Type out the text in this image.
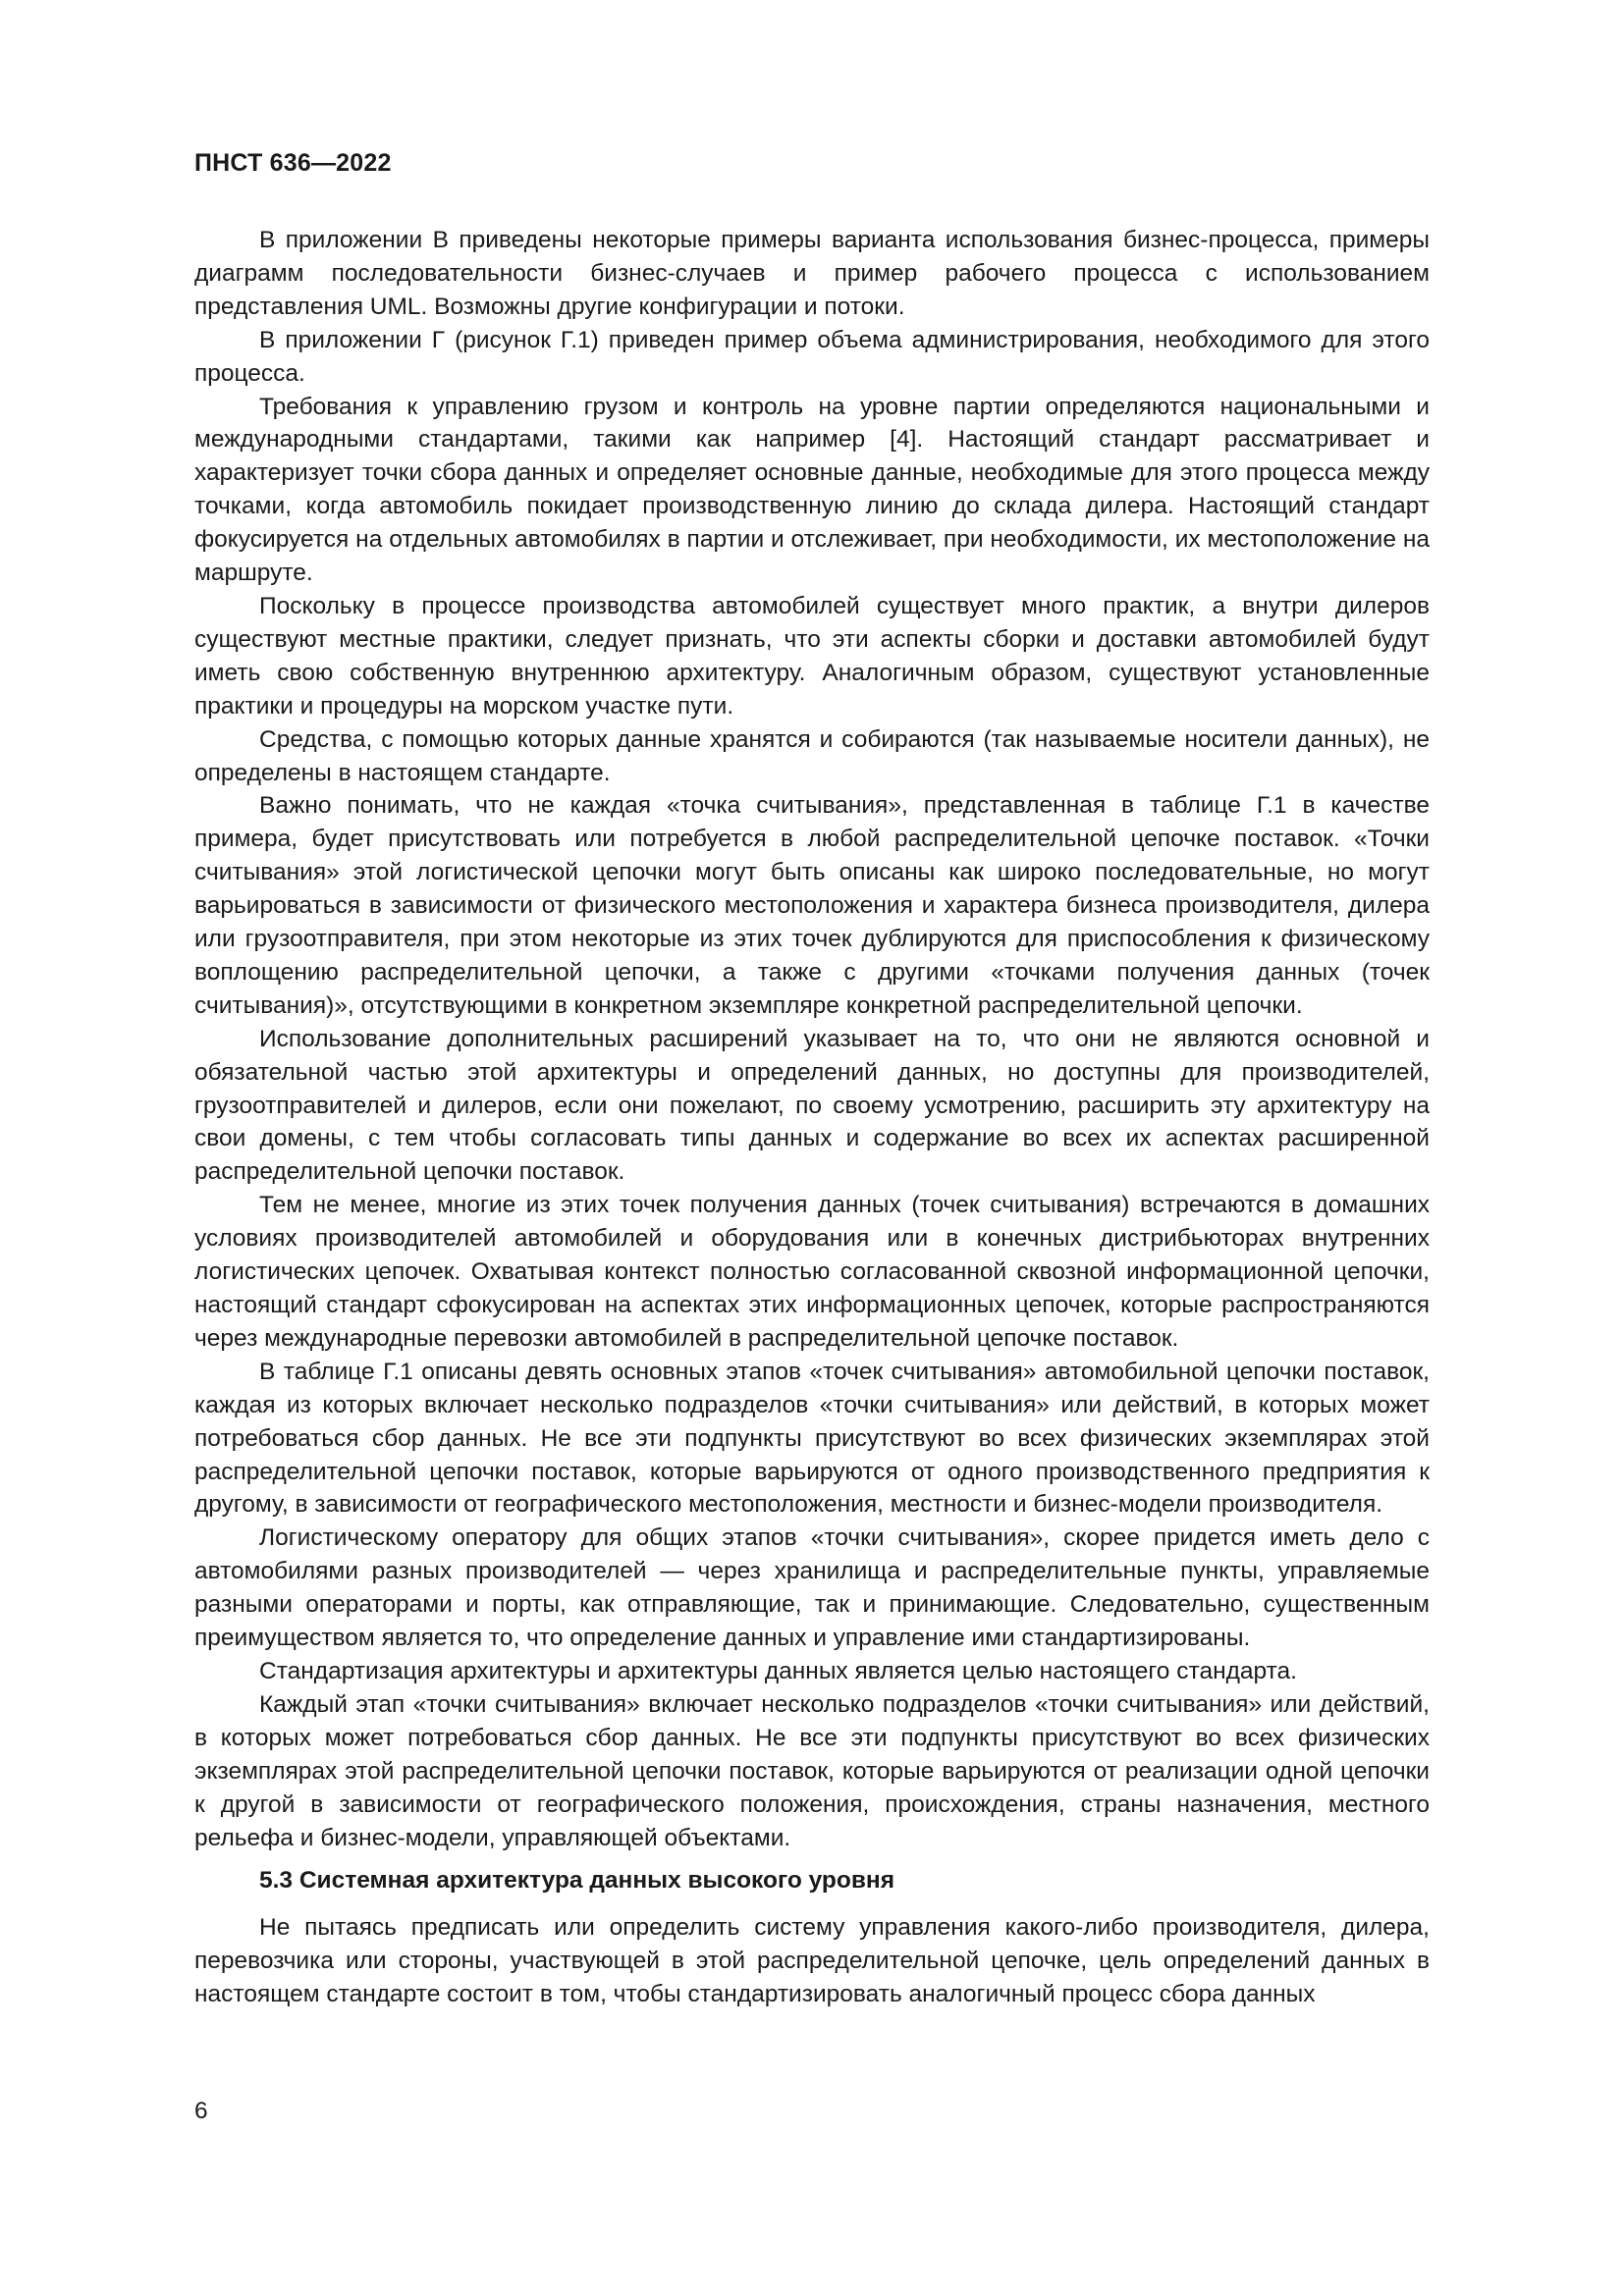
ПНСТ 636—2022

В приложении В приведены некоторые примеры варианта использования бизнес-процесса, примеры диаграмм последовательности бизнес-случаев и пример рабочего процесса с использованием представления UML. Возможны другие конфигурации и потоки.

В приложении Г (рисунок Г.1) приведен пример объема администрирования, необходимого для этого процесса.

Требования к управлению грузом и контроль на уровне партии определяются национальными и международными стандартами, такими как например [4]. Настоящий стандарт рассматривает и характеризует точки сбора данных и определяет основные данные, необходимые для этого процесса между точками, когда автомобиль покидает производственную линию до склада дилера. Настоящий стандарт фокусируется на отдельных автомобилях в партии и отслеживает, при необходимости, их местоположение на маршруте.

Поскольку в процессе производства автомобилей существует много практик, а внутри дилеров существуют местные практики, следует признать, что эти аспекты сборки и доставки автомобилей будут иметь свою собственную внутреннюю архитектуру. Аналогичным образом, существуют установленные практики и процедуры на морском участке пути.

Средства, с помощью которых данные хранятся и собираются (так называемые носители данных), не определены в настоящем стандарте.

Важно понимать, что не каждая «точка считывания», представленная в таблице Г.1 в качестве примера, будет присутствовать или потребуется в любой распределительной цепочке поставок. «Точки считывания» этой логистической цепочки могут быть описаны как широко последовательные, но могут варьироваться в зависимости от физического местоположения и характера бизнеса производителя, дилера или грузоотправителя, при этом некоторые из этих точек дублируются для приспособления к физическому воплощению распределительной цепочки, а также с другими «точками получения данных (точек считывания)», отсутствующими в конкретном экземпляре конкретной распределительной цепочки.

Использование дополнительных расширений указывает на то, что они не являются основной и обязательной частью этой архитектуры и определений данных, но доступны для производителей, грузоотправителей и дилеров, если они пожелают, по своему усмотрению, расширить эту архитектуру на свои домены, с тем чтобы согласовать типы данных и содержание во всех их аспектах расширенной распределительной цепочки поставок.

Тем не менее, многие из этих точек получения данных (точек считывания) встречаются в домашних условиях производителей автомобилей и оборудования или в конечных дистрибьюторах внутренних логистических цепочек. Охватывая контекст полностью согласованной сквозной информационной цепочки, настоящий стандарт сфокусирован на аспектах этих информационных цепочек, которые распространяются через международные перевозки автомобилей в распределительной цепочке поставок.

В таблице Г.1 описаны девять основных этапов «точек считывания» автомобильной цепочки поставок, каждая из которых включает несколько подразделов «точки считывания» или действий, в которых может потребоваться сбор данных. Не все эти подпункты присутствуют во всех физических экземплярах этой распределительной цепочки поставок, которые варьируются от одного производственного предприятия к другому, в зависимости от географического местоположения, местности и бизнес-модели производителя.

Логистическому оператору для общих этапов «точки считывания», скорее придется иметь дело с автомобилями разных производителей — через хранилища и распределительные пункты, управляемые разными операторами и порты, как отправляющие, так и принимающие. Следовательно, существенным преимуществом является то, что определение данных и управление ими стандартизированы.

Стандартизация архитектуры и архитектуры данных является целью настоящего стандарта.

Каждый этап «точки считывания» включает несколько подразделов «точки считывания» или действий, в которых может потребоваться сбор данных. Не все эти подпункты присутствуют во всех физических экземплярах этой распределительной цепочки поставок, которые варьируются от реализации одной цепочки к другой в зависимости от географического положения, происхождения, страны назначения, местного рельефа и бизнес-модели, управляющей объектами.

5.3 Системная архитектура данных высокого уровня

Не пытаясь предписать или определить систему управления какого-либо производителя, дилера, перевозчика или стороны, участвующей в этой распределительной цепочке, цель определений данных в настоящем стандарте состоит в том, чтобы стандартизировать аналогичный процесс сбора данных

6
